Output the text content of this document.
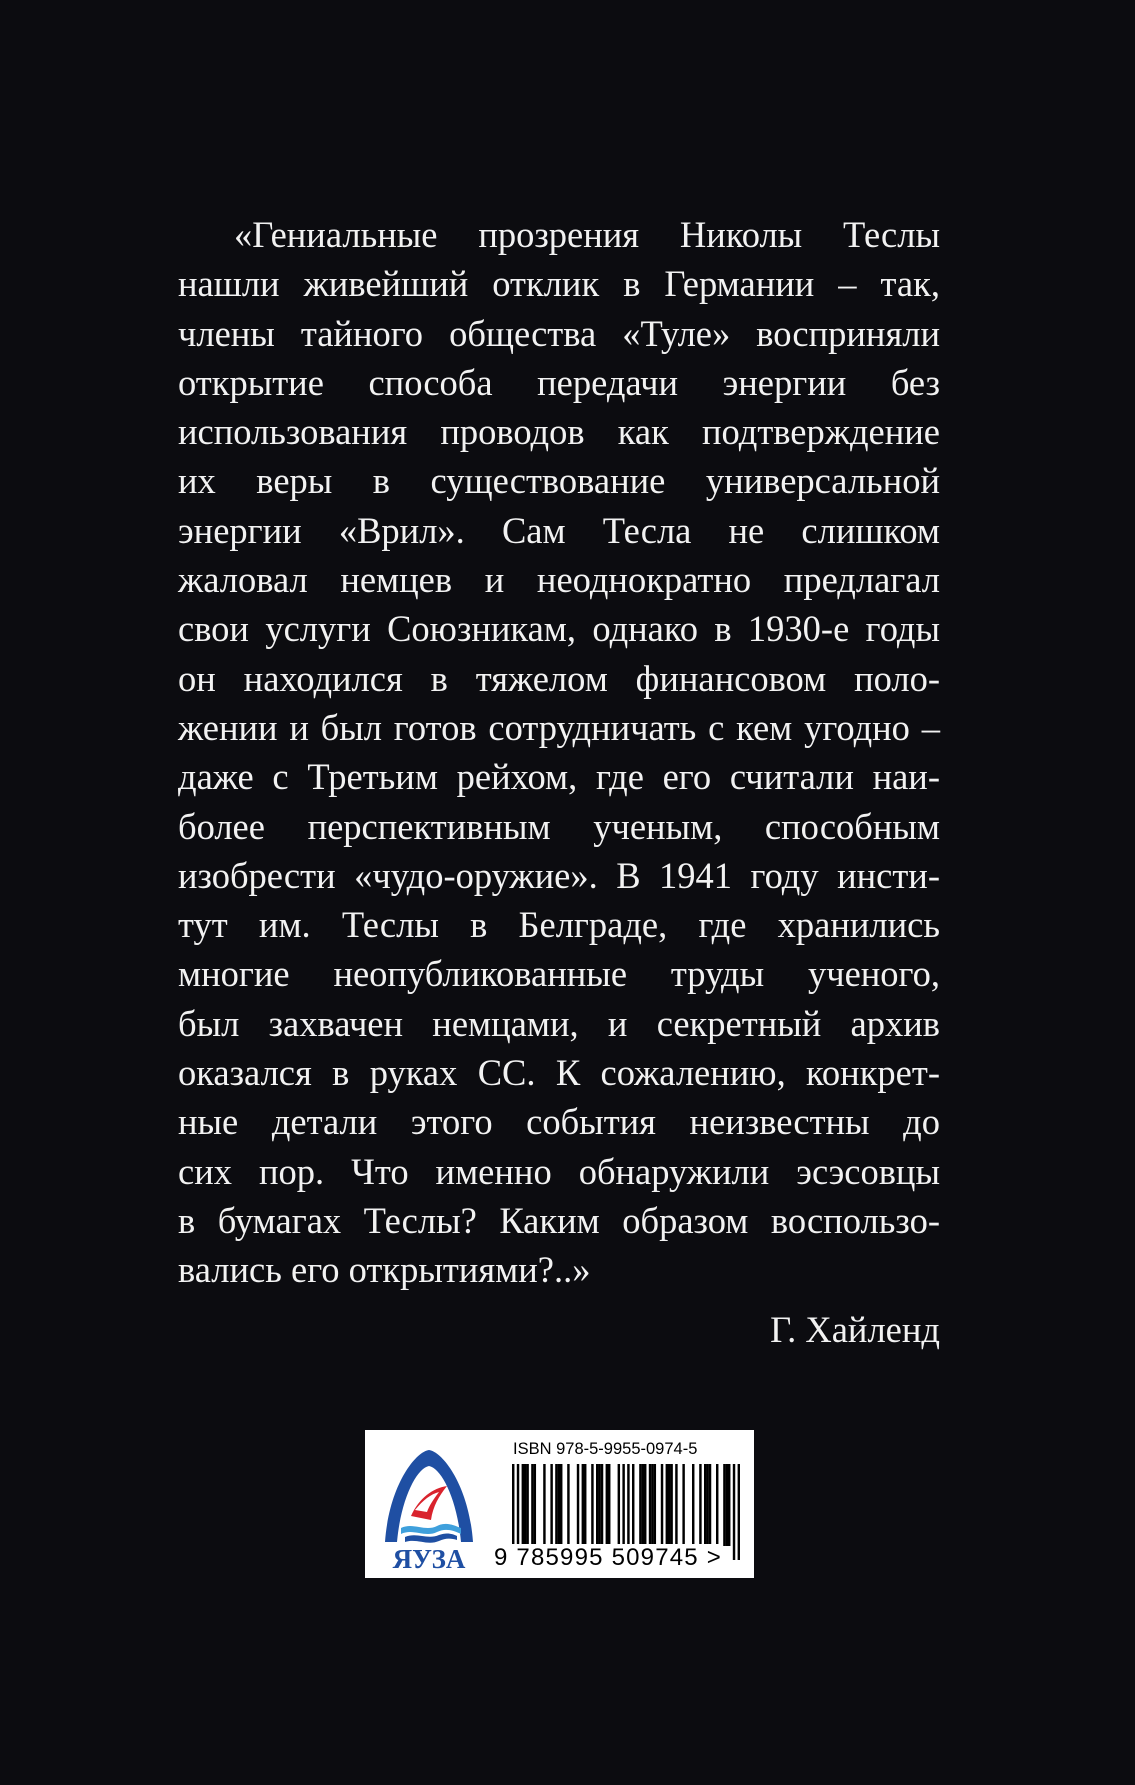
«Гениальные прозрения Николы Теслы
нашли живейший отклик в Германии – так,
члены тайного общества «Туле» восприняли
открытие способа передачи энергии без
использования проводов как подтверждение
их веры в существование универсальной
энергии «Врил». Сам Тесла не слишком
жаловал немцев и неоднократно предлагал
свои услуги Союзникам, однако в 1930-е годы
он находился в тяжелом финансовом поло-
жении и был готов сотрудничать с кем угодно –
даже с Третьим рейхом, где его считали наи-
более перспективным ученым, способным
изобрести «чудо-оружие». В 1941 году инсти-
тут им. Теслы в Белграде, где хранились
многие неопубликованные труды ученого,
был захвачен немцами, и секретный архив
оказался в руках СС. К сожалению, конкрет-
ные детали этого события неизвестны до
сих пор. Что именно обнаружили эсэсовцы
в бумагах Теслы? Каким образом воспользо-
вались его открытиями?..»
Г. Хайленд
ЯУЗА
ISBN 978-5-9955-0974-5
9 785995 509745 >
